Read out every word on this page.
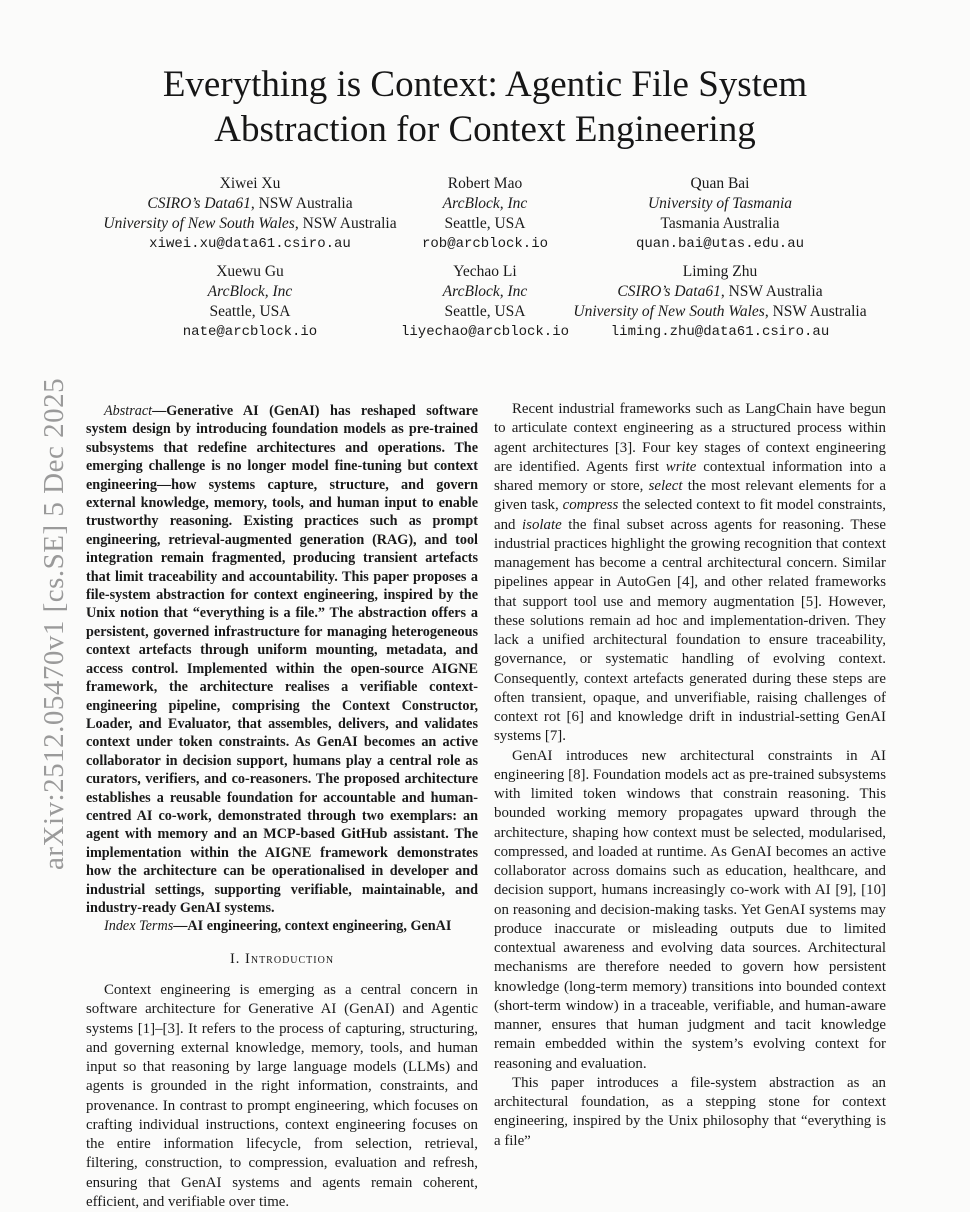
Everything is Context: Agentic File System
Abstraction for Context Engineering
Xiwei Xu
CSIRO’s Data61, NSW Australia
University of New South Wales, NSW Australia
xiwei.xu@data61.csiro.au
Robert Mao
ArcBlock, Inc
Seattle, USA
rob@arcblock.io
Quan Bai
University of Tasmania
Tasmania Australia
quan.bai@utas.edu.au
Xuewu Gu
ArcBlock, Inc
Seattle, USA
nate@arcblock.io
Yechao Li
ArcBlock, Inc
Seattle, USA
liyechao@arcblock.io
Liming Zhu
CSIRO’s Data61, NSW Australia
University of New South Wales, NSW Australia
liming.zhu@data61.csiro.au
arXiv:2512.05470v1 [cs.SE] 5 Dec 2025	Abstract—Generative AI (GenAI) has reshaped software system design by introducing foundation models as pre-trained subsystems that redefine architectures and operations. The emerging challenge is no longer model fine-tuning but context engineering—how systems capture, structure, and govern external knowledge, memory, tools, and human input to enable trustworthy reasoning. Existing practices such as prompt engineering, retrieval-augmented generation (RAG), and tool integration remain fragmented, producing transient artefacts that limit traceability and accountability. This paper proposes a file-system abstraction for context engineering, inspired by the Unix notion that “everything is a file.” The abstraction offers a persistent, governed infrastructure for managing heterogeneous context artefacts through uniform mounting, metadata, and access control. Implemented within the open-source AIGNE framework, the architecture realises a verifiable context-engineering pipeline, comprising the Context Constructor, Loader, and Evaluator, that assembles, delivers, and validates context under token constraints. As GenAI becomes an active collaborator in decision support, humans play a central role as curators, verifiers, and co-reasoners. The proposed architecture establishes a reusable foundation for accountable and human-centred AI co-work, demonstrated through two exemplars: an agent with memory and an MCP-based GitHub assistant. The implementation within the AIGNE framework demonstrates how the architecture can be operationalised in developer and industrial settings, supporting verifiable, maintainable, and industry-ready GenAI systems.

Index Terms—AI engineering, context engineering, GenAI

I. Introduction

Context engineering is emerging as a central concern in software architecture for Generative AI (GenAI) and Agentic systems [1]–[3]. It refers to the process of capturing, structuring, and governing external knowledge, memory, tools, and human input so that reasoning by large language models (LLMs) and agents is grounded in the right information, constraints, and provenance. In contrast to prompt engineering, which focuses on crafting individual instructions, context engineering focuses on the entire information lifecycle, from selection, retrieval, filtering, construction, to compression, evaluation and refresh, ensuring that GenAI systems and agents remain coherent, efficient, and verifiable over time.

Recent industrial frameworks such as LangChain have begun to articulate context engineering as a structured process within agent architectures [3]. Four key stages of context engineering are identified. Agents first write contextual information into a shared memory or store, select the most relevant elements for a given task, compress the selected context to fit model constraints, and isolate the final subset across agents for reasoning. These industrial practices highlight the growing recognition that context management has become a central architectural concern. Similar pipelines appear in AutoGen [4], and other related frameworks that support tool use and memory augmentation [5]. However, these solutions remain ad hoc and implementation-driven. They lack a unified architectural foundation to ensure traceability, governance, or systematic handling of evolving context. Consequently, context artefacts generated during these steps are often transient, opaque, and unverifiable, raising challenges of context rot [6] and knowledge drift in industrial-setting GenAI systems [7].

GenAI introduces new architectural constraints in AI engineering [8]. Foundation models act as pre-trained subsystems with limited token windows that constrain reasoning. This bounded working memory propagates upward through the architecture, shaping how context must be selected, modularised, compressed, and loaded at runtime. As GenAI becomes an active collaborator across domains such as education, healthcare, and decision support, humans increasingly co-work with AI [9], [10] on reasoning and decision-making tasks. Yet GenAI systems may produce inaccurate or misleading outputs due to limited contextual awareness and evolving data sources. Architectural mechanisms are therefore needed to govern how persistent knowledge (long-term memory) transitions into bounded context (short-term window) in a traceable, verifiable, and human-aware manner, ensures that human judgment and tacit knowledge remain embedded within the system’s evolving context for reasoning and evaluation.

This paper introduces a file-system abstraction as an architectural foundation, as a stepping stone for context engineering, inspired by the Unix philosophy that “everything is a file”
